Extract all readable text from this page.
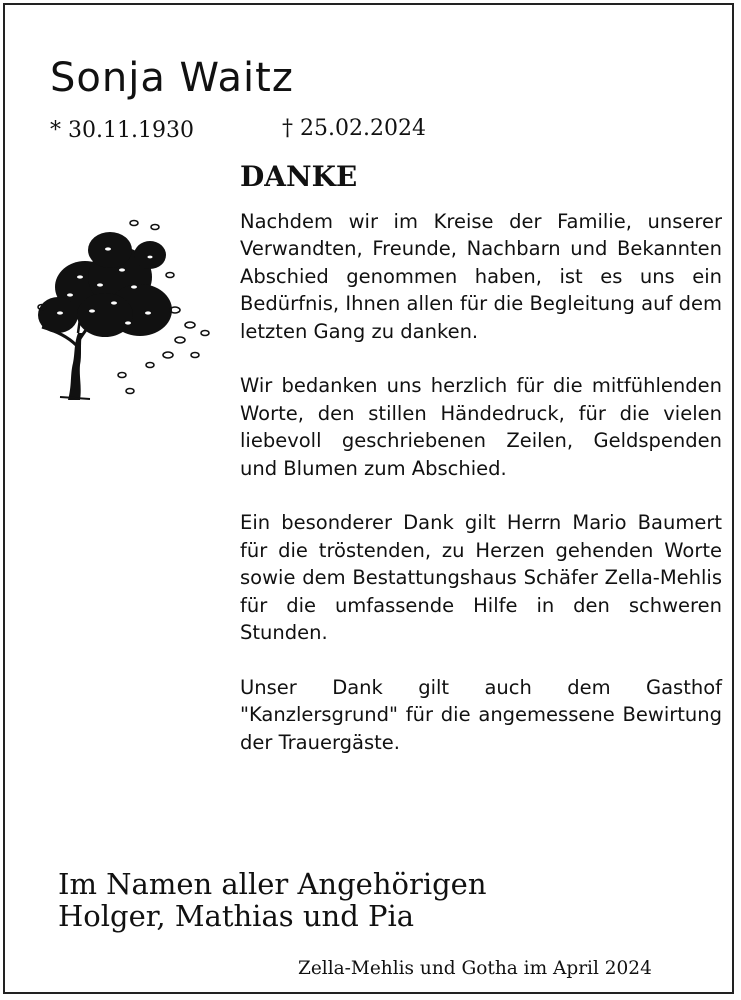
Sonja Waitz
* 30.11.1930	† 25.02.2024
DANKE

Nachdem wir im Kreise der Familie, unserer Verwandten, Freunde, Nachbarn und Bekannten Abschied genommen haben, ist es uns ein Bedürfnis, Ihnen allen für die Begleitung auf dem letzten Gang zu danken.

Wir bedanken uns herzlich für die mitfühlenden Worte, den stillen Händedruck, für die vielen liebevoll geschriebenen Zeilen, Geldspenden und Blumen zum Abschied.

Ein besonderer Dank gilt Herrn Mario Baumert für die tröstenden, zu Herzen gehenden Worte sowie dem Bestattungshaus Schäfer Zella-Mehlis für die umfassende Hilfe in den schweren Stunden.

Unser Dank gilt auch dem Gasthof "Kanzlersgrund" für die angemessene Bewirtung der Trauergäste.

Im Namen aller Angehörigen
Holger, Mathias und Pia
Zella-Mehlis und Gotha im April 2024
